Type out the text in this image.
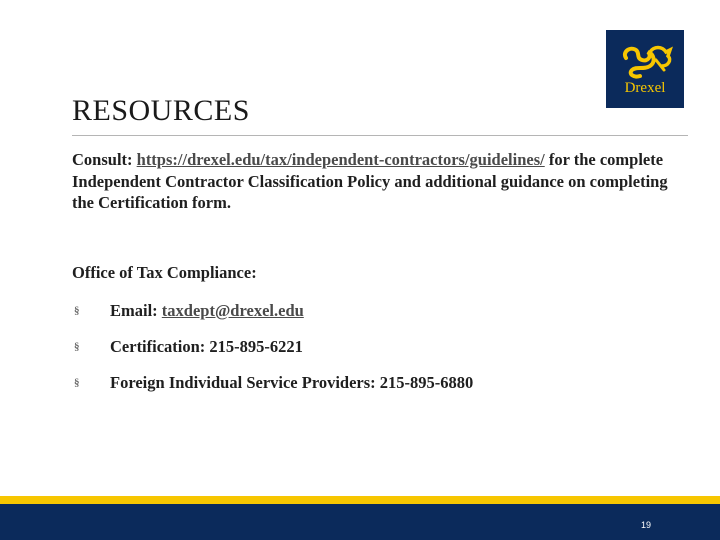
Drexel
RESOURCES
Consult: https://drexel.edu/tax/independent-contractors/guidelines/ for the complete Independent Contractor Classification Policy and additional guidance on completing the Certification form.
Office of Tax Compliance:
§ Email: taxdept@drexel.edu
§ Certification: 215-895-6221
§ Foreign Individual Service Providers: 215-895-6880
19
